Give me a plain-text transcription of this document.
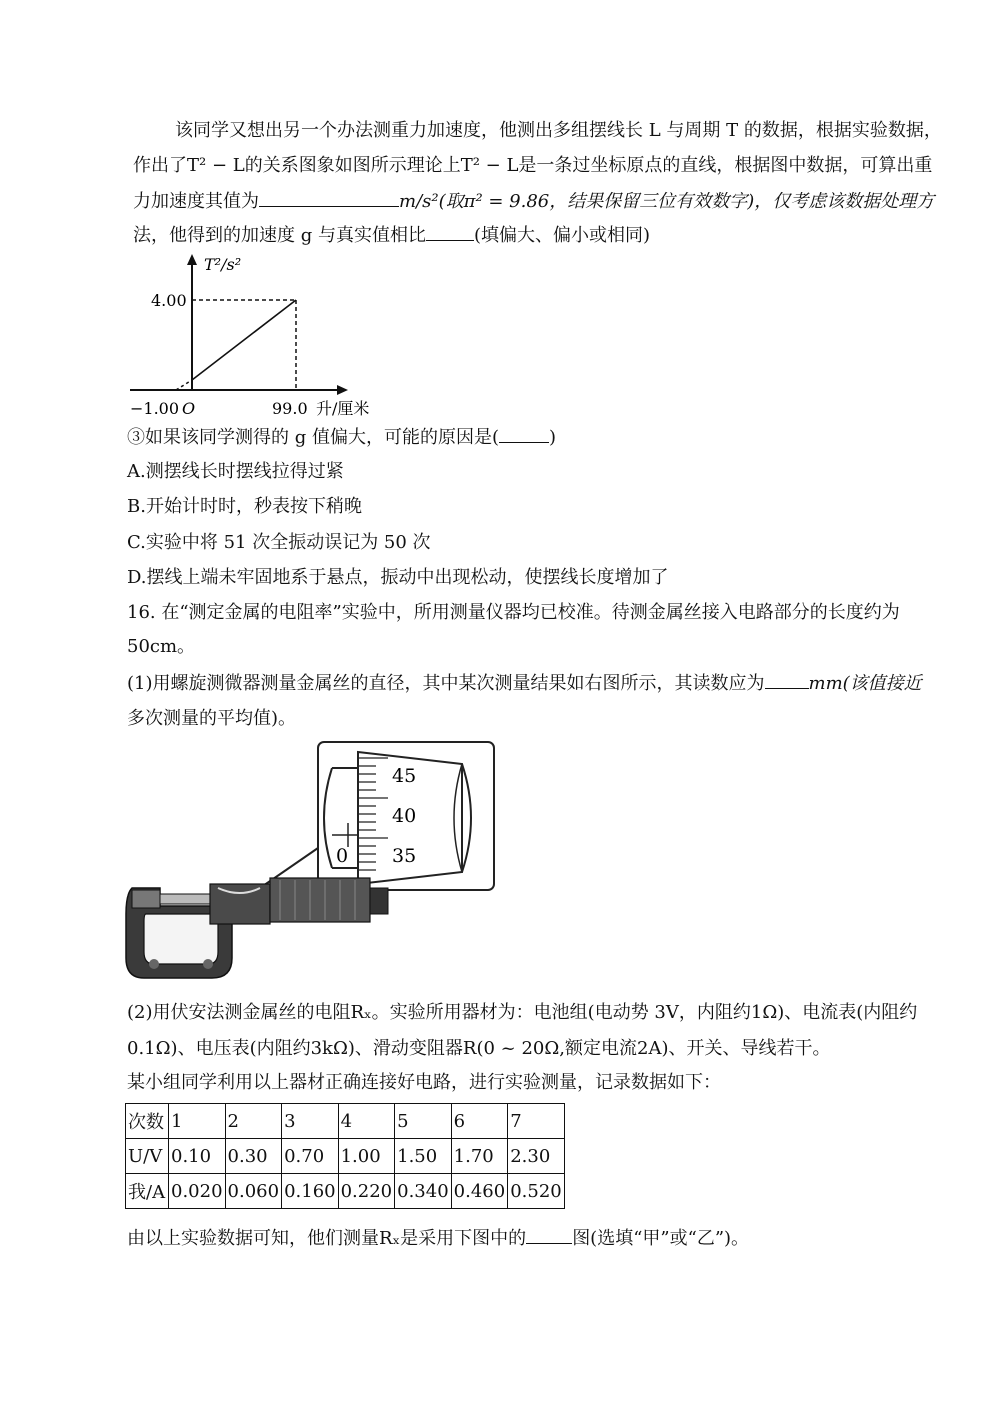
该同学又想出另一个办法测重力加速度，他测出多组摆线长 L 与周期 T 的数据，根据实验数据，
作出了T² − L的关系图象如图所示理论上T² − L是一条过坐标原点的直线，根据图中数据，可算出重
力加速度其值为	m/s²(取π² = 9.86，结果保留三位有效数字)，仅考虑该数据处理方
法，他得到的加速度 g 与真实值相比	(填偏大、偏小或相同)
T²/s²
4.00
−1.00 O	99.0 升/厘米
③如果该同学测得的 g 值偏大，可能的原因是(	)
A.测摆线长时摆线拉得过紧
B.开始计时时，秒表按下稍晚
C.实验中将 51 次全振动误记为 50 次
D.摆线上端未牢固地系于悬点，振动中出现松动，使摆线长度增加了
16. 在“测定金属的电阻率”实验中，所用测量仪器均已校准。待测金属丝接入电路部分的长度约为
50cm。
(1)用螺旋测微器测量金属丝的直径，其中某次测量结果如右图所示，其读数应为 mm(该值接近
多次测量的平均值)。
45
40
35
0
(2)用伏安法测金属丝的电阻Rₓ。实验所用器材为：电池组(电动势 3V，内阻约1Ω)、电流表(内阻约
0.1Ω)、电压表(内阻约3kΩ)、滑动变阻器R(0 ~ 20Ω,额定电流2A)、开关、导线若干。
某小组同学利用以上器材正确连接好电路，进行实验测量，记录数据如下：
次数	1	2	3	4	5	6	7
U/V	0.10	0.30	0.70	1.00	1.50	1.70	2.30
我/A	0.020	0.060	0.160	0.220	0.340	0.460	0.520
由以上实验数据可知，他们测量Rₓ是采用下图中的	图(选填“甲”或“乙”)。
